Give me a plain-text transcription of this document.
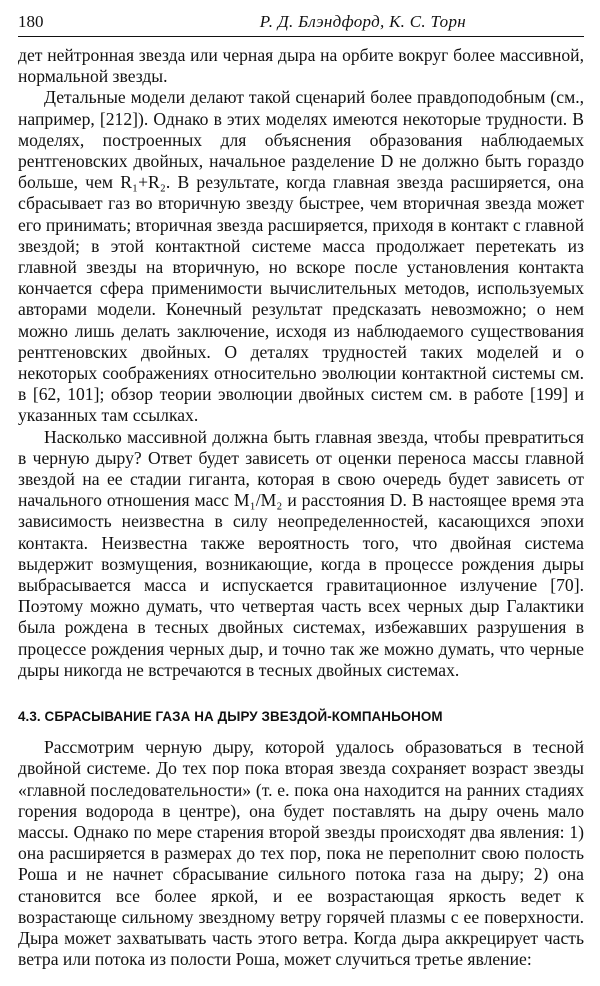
180	Р. Д. Блэндфорд, К. С. Торн

дет нейтронная звезда или черная дыра на орбите вокруг более массивной, нормальной звезды.

Детальные модели делают такой сценарий более правдоподобным (см., например, [212]). Однако в этих моделях имеются некоторые трудности. В моделях, построенных для объяснения образования наблюдаемых рентгеновских двойных, начальное разделение D не должно быть гораздо больше, чем R₁+R₂. В результате, когда главная звезда расширяется, она сбрасывает газ во вторичную звезду быстрее, чем вторичная звезда может его принимать; вторичная звезда расширяется, приходя в контакт с главной звездой; в этой контактной системе масса продолжает перетекать из главной звезды на вторичную, но вскоре после установления контакта кончается сфера применимости вычислительных методов, используемых авторами модели. Конечный результат предсказать невозможно; о нем можно лишь делать заключение, исходя из наблюдаемого существования рентгеновских двойных. О деталях трудностей таких моделей и о некоторых соображениях относительно эволюции контактной системы см. в [62, 101]; обзор теории эволюции двойных систем см. в работе [199] и указанных там ссылках.

Насколько массивной должна быть главная звезда, чтобы превратиться в черную дыру? Ответ будет зависеть от оценки переноса массы главной звездой на ее стадии гиганта, которая в свою очередь будет зависеть от начального отношения масс M₁/M₂ и расстояния D. В настоящее время эта зависимость неизвестна в силу неопределенностей, касающихся эпохи контакта. Неизвестна также вероятность того, что двойная система выдержит возмущения, возникающие, когда в процессе рождения дыры выбрасывается масса и испускается гравитационное излучение [70]. Поэтому можно думать, что четвертая часть всех черных дыр Галактики была рождена в тесных двойных системах, избежавших разрушения в процессе рождения черных дыр, и точно так же можно думать, что черные дыры никогда не встречаются в тесных двойных системах.

4.3. СБРАСЫВАНИЕ ГАЗА НА ДЫРУ ЗВЕЗДОЙ-КОМПАНЬОНОМ

Рассмотрим черную дыру, которой удалось образоваться в тесной двойной системе. До тех пор пока вторая звезда сохраняет возраст звезды «главной последовательности» (т. е. пока она находится на ранних стадиях горения водорода в центре), она будет поставлять на дыру очень мало массы. Однако по мере старения второй звезды происходят два явления: 1) она расширяется в размерах до тех пор, пока не переполнит свою полость Роша и не начнет сбрасывание сильного потока газа на дыру; 2) она становится все более яркой, и ее возрастающая яркость ведет к возрастающе сильному звездному ветру горячей плазмы с ее поверхности. Дыра может захватывать часть этого ветра. Когда дыра аккрецирует часть ветра или потока из полости Роша, может случиться третье явление:
